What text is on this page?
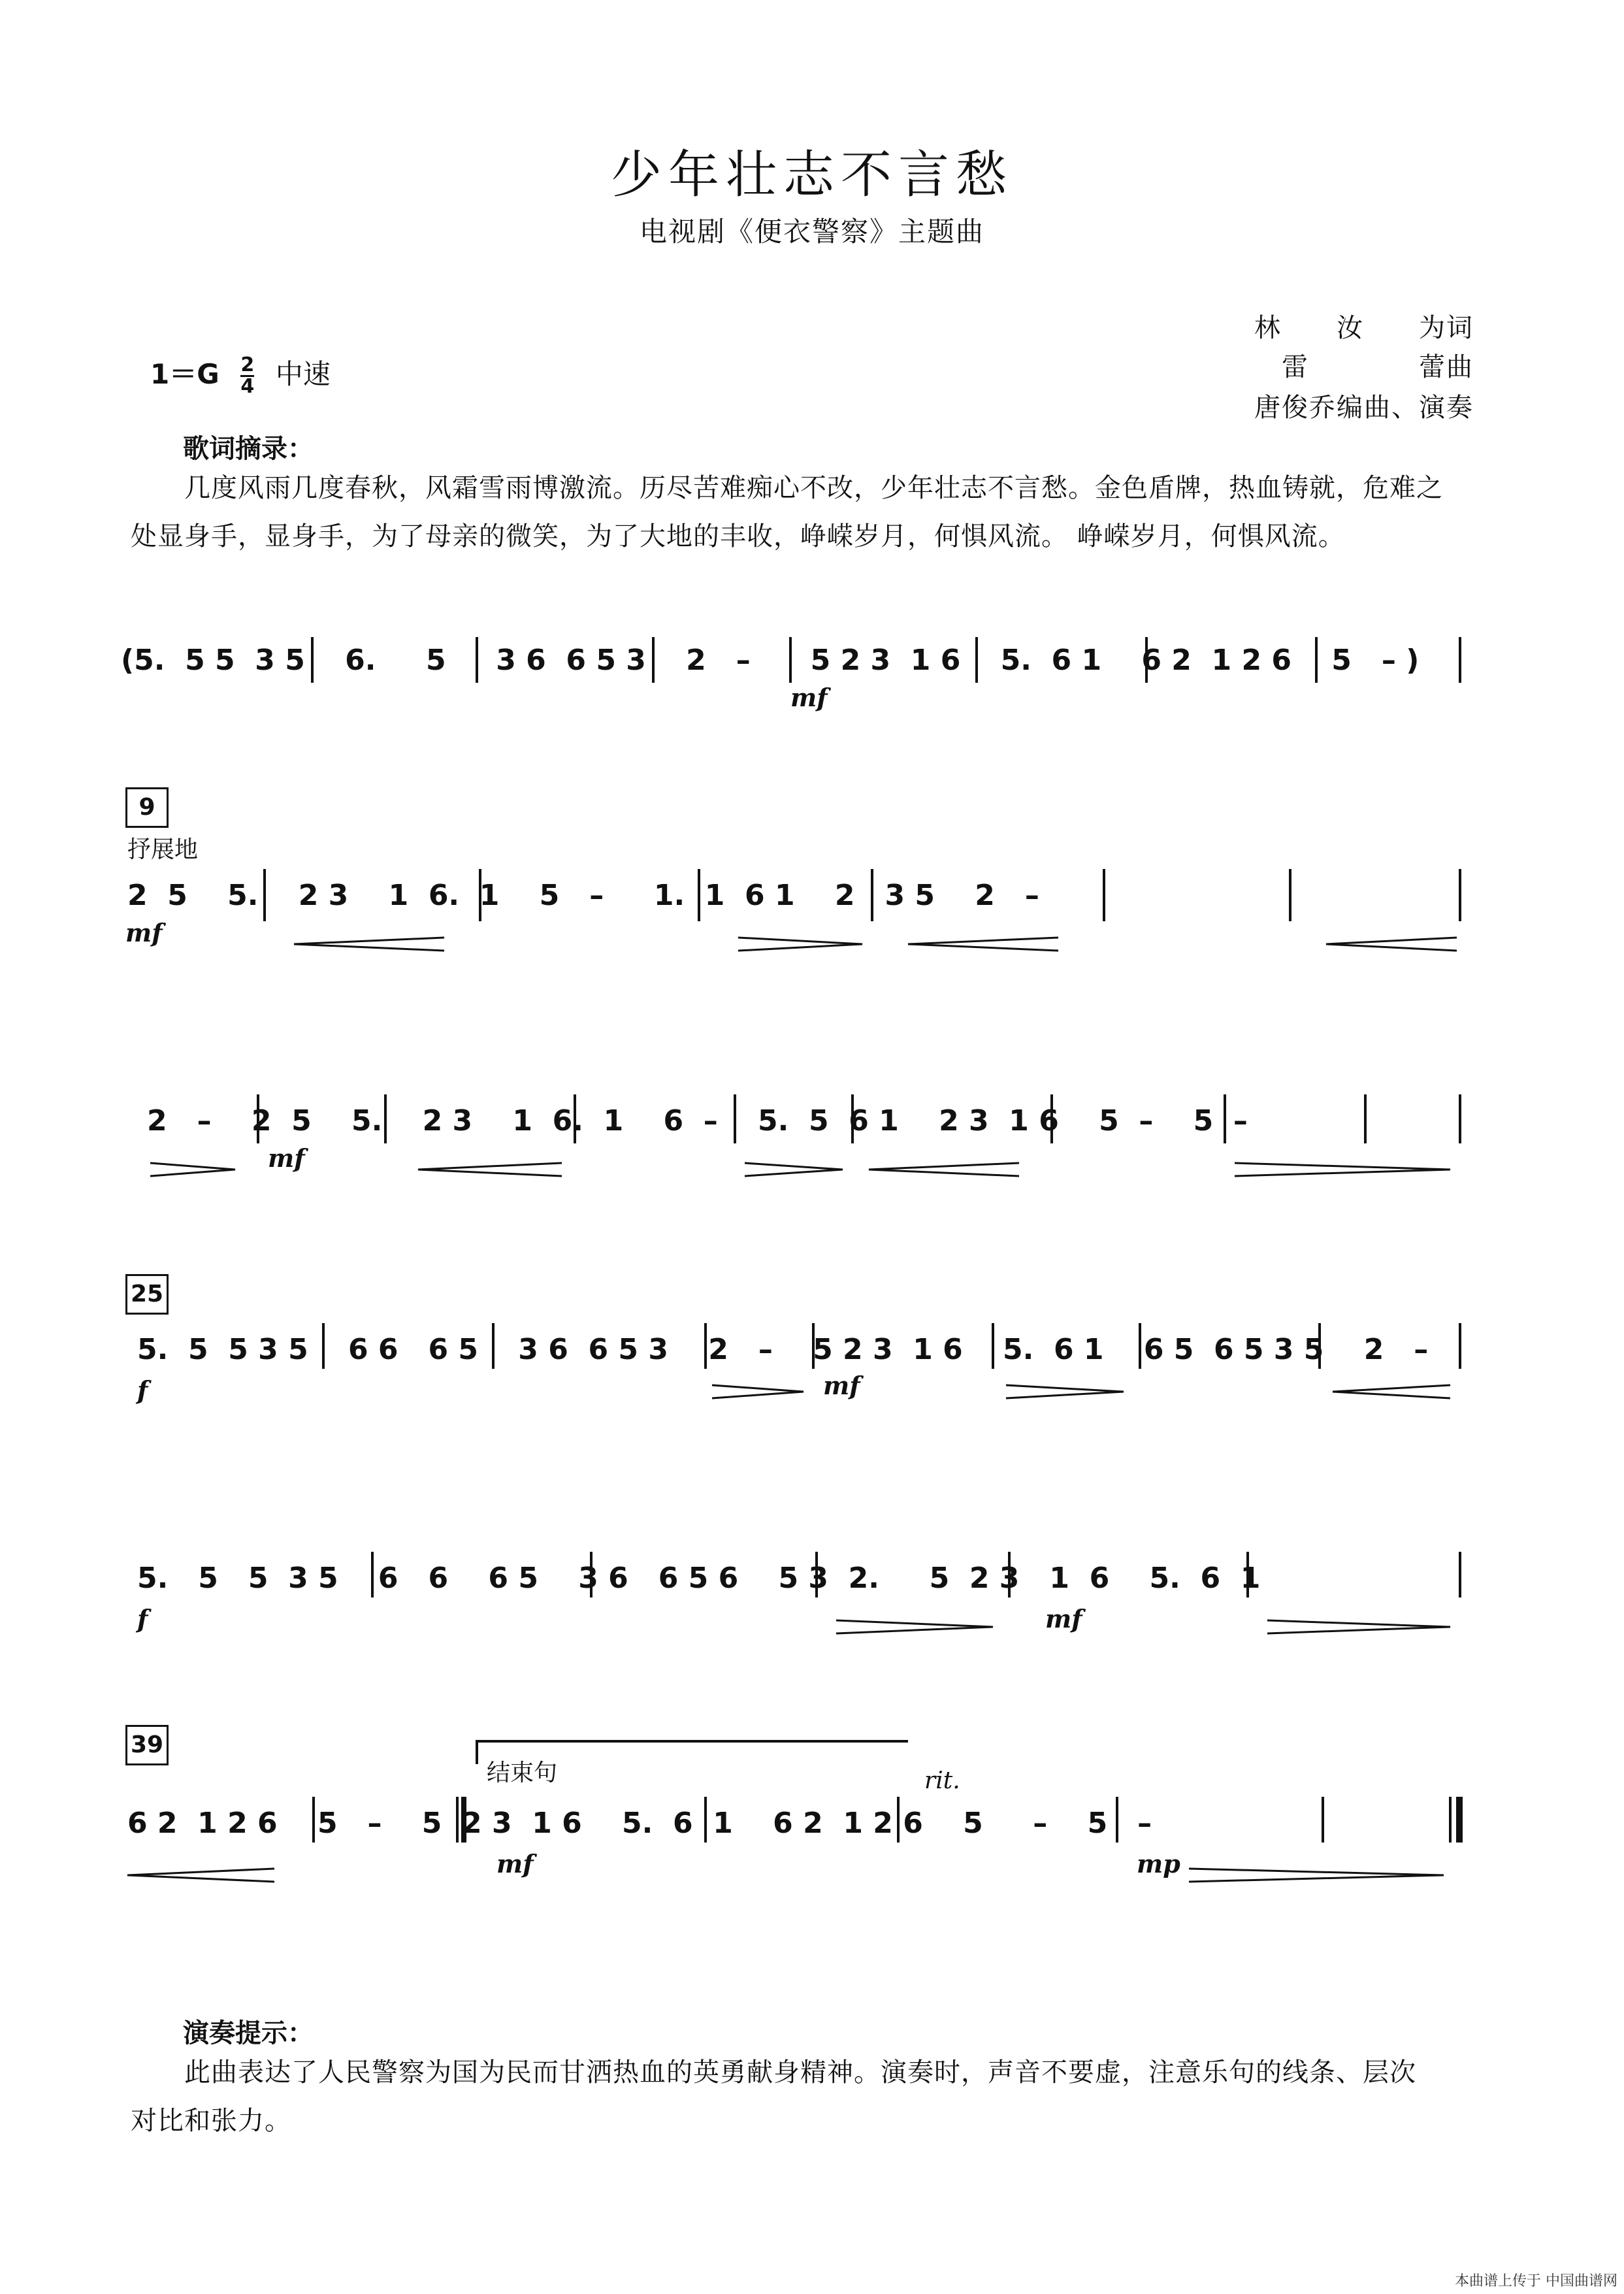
少年壮志不言愁
电视剧《便衣警察》主题曲
林　　汝　　为词
雷　　　　蕾曲
唐俊乔编曲、演奏
$1=G \frac{2}{4}$ 中速
歌词摘录：
　　几度风雨几度春秋，风霜雪雨博激流。历尽苦难痴心不改，少年壮志不言愁。金色盾牌，热血铸就，危难之
处显身手，显身手，为了母亲的微笑，为了大地的丰收，峥嵘岁月，何惧风流。 峥嵘岁月，何惧风流。
(5.  5 5  3 5    6.     5     3 6  6 5 3    2   –      5 2 3  1 6    5.  6 1    6 2  1 2 6    5   – )
mf
9
抒展地
2  5    5.    2 3    1  6.  1    5   –     1.  1  6 1    2   3 5    2   –
mf
2   –    2  5    5.    2 3    1  6.  1    6  –    5.  5  6 1    2 3  1 6    5  –    5  –
mf
25
5.  5  5 3 5    6 6   6 5    3 6  6 5 3    2   –    5 2 3  1 6    5.  6 1    6 5  6 5 3 5    2   –
f	mf
5.   5   5  3 5    6   6    6 5    3 6   6 5 6    5 3  2.     5  2 3   1  6    5.  6  1
f	mf
39
结束句	rit.
6 2  1 2 6    5   –    5  2 3  1 6    5.  6  1    6 2  1 2 6    5     –    5   –
mf	mp
演奏提示：
　　此曲表达了人民警察为国为民而甘洒热血的英勇献身精神。演奏时，声音不要虚，注意乐句的线条、层次
对比和张力。
本曲谱上传于 中国曲谱网
